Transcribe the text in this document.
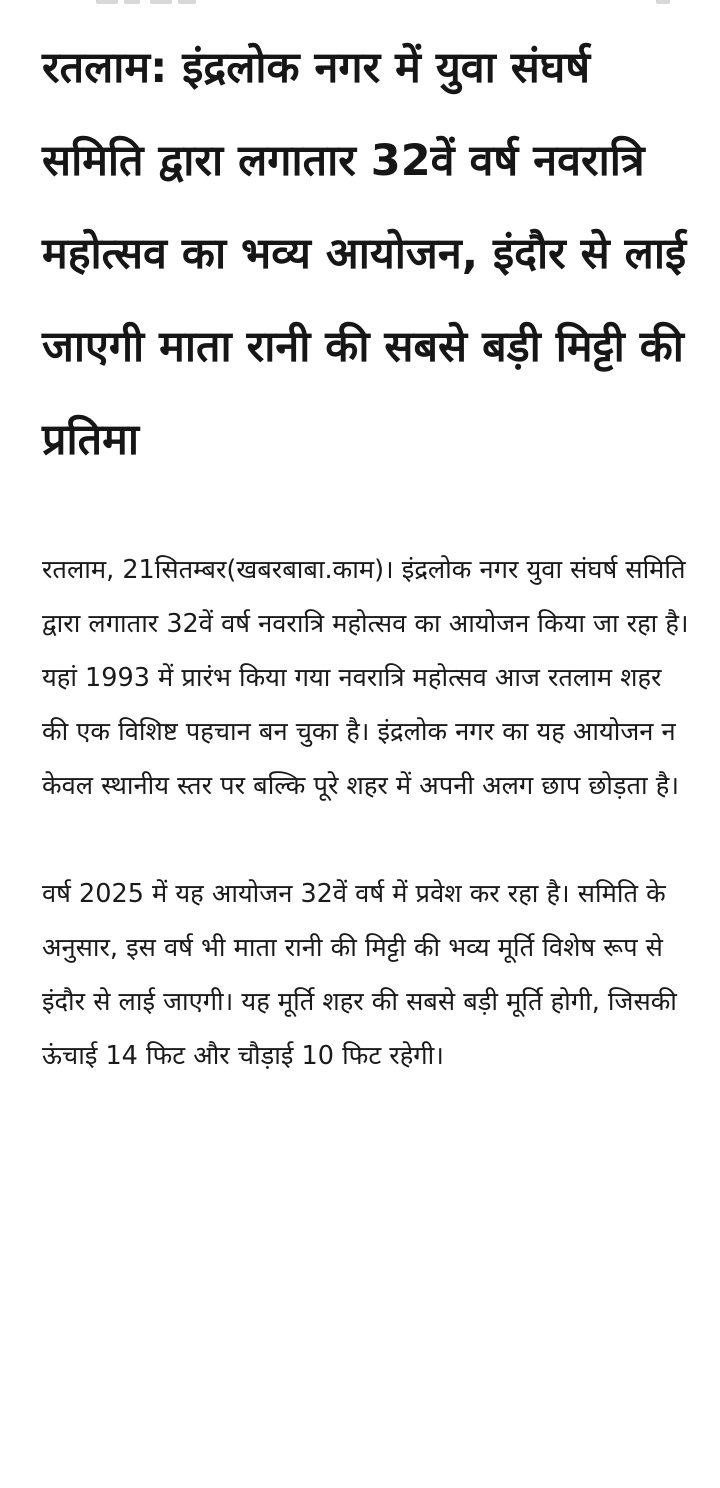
रतलाम: इंद्रलोक नगर में युवा संघर्ष समिति द्वारा लगातार 32वें वर्ष नवरात्रि महोत्सव का भव्य आयोजन, इंदौर से लाई जाएगी माता रानी की सबसे बड़ी मिट्टी की प्रतिमा

रतलाम, 21सितम्बर(खबरबाबा.काम)। इंद्रलोक नगर युवा संघर्ष समिति द्वारा लगातार 32वें वर्ष नवरात्रि महोत्सव का आयोजन किया जा रहा है। यहां 1993 में प्रारंभ किया गया नवरात्रि महोत्सव आज रतलाम शहर की एक विशिष्ट पहचान बन चुका है। इंद्रलोक नगर का यह आयोजन न केवल स्थानीय स्तर पर बल्कि पूरे शहर में अपनी अलग छाप छोड़ता है।

वर्ष 2025 में यह आयोजन 32वें वर्ष में प्रवेश कर रहा है। समिति के अनुसार, इस वर्ष भी माता रानी की मिट्टी की भव्य मूर्ति विशेष रूप से इंदौर से लाई जाएगी। यह मूर्ति शहर की सबसे बड़ी मूर्ति होगी, जिसकी ऊंचाई 14 फिट और चौड़ाई 10 फिट रहेगी।
